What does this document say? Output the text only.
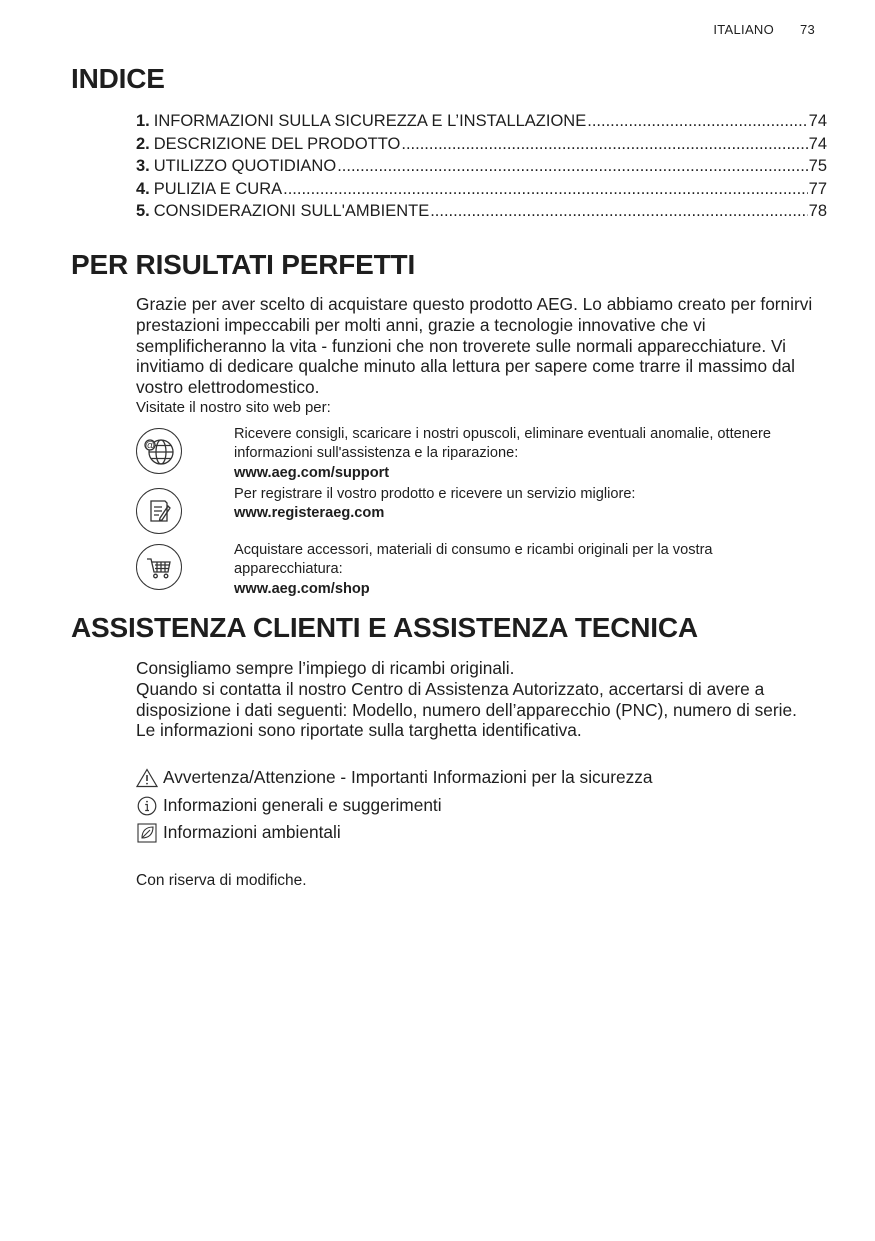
ITALIANO 73
INDICE
1. INFORMAZIONI SULLA SICUREZZA E L’INSTALLAZIONE .....	74
2. DESCRIZIONE DEL PRODOTTO .....	74
3. UTILIZZO QUOTIDIANO .....	75
4. PULIZIA E CURA .....	77
5. CONSIDERAZIONI SULL'AMBIENTE .....	78
PER RISULTATI PERFETTI
Grazie per aver scelto di acquistare questo prodotto AEG. Lo abbiamo creato per fornirvi prestazioni impeccabili per molti anni, grazie a tecnologie innovative che vi semplificheranno la vita - funzioni che non troverete sulle normali apparecchiature. Vi invitiamo di dedicare qualche minuto alla lettura per sapere come trarre il massimo dal vostro elettrodomestico.
Visitate il nostro sito web per:
@
Ricevere consigli, scaricare i nostri opuscoli, eliminare eventuali anomalie, ottenere informazioni sull'assistenza e la riparazione:
www.aeg.com/support
Per registrare il vostro prodotto e ricevere un servizio migliore:
www.registeraeg.com
Acquistare accessori, materiali di consumo e ricambi originali per la vostra apparecchiatura:
www.aeg.com/shop
ASSISTENZA CLIENTI E ASSISTENZA TECNICA
Consigliamo sempre l’impiego di ricambi originali.
Quando si contatta il nostro Centro di Assistenza Autorizzato, accertarsi di avere a disposizione i dati seguenti: Modello, numero dell’apparecchio (PNC), numero di serie.
Le informazioni sono riportate sulla targhetta identificativa.
Avvertenza/Attenzione - Importanti Informazioni per la sicurezza
Informazioni generali e suggerimenti
Informazioni ambientali
Con riserva di modifiche.
